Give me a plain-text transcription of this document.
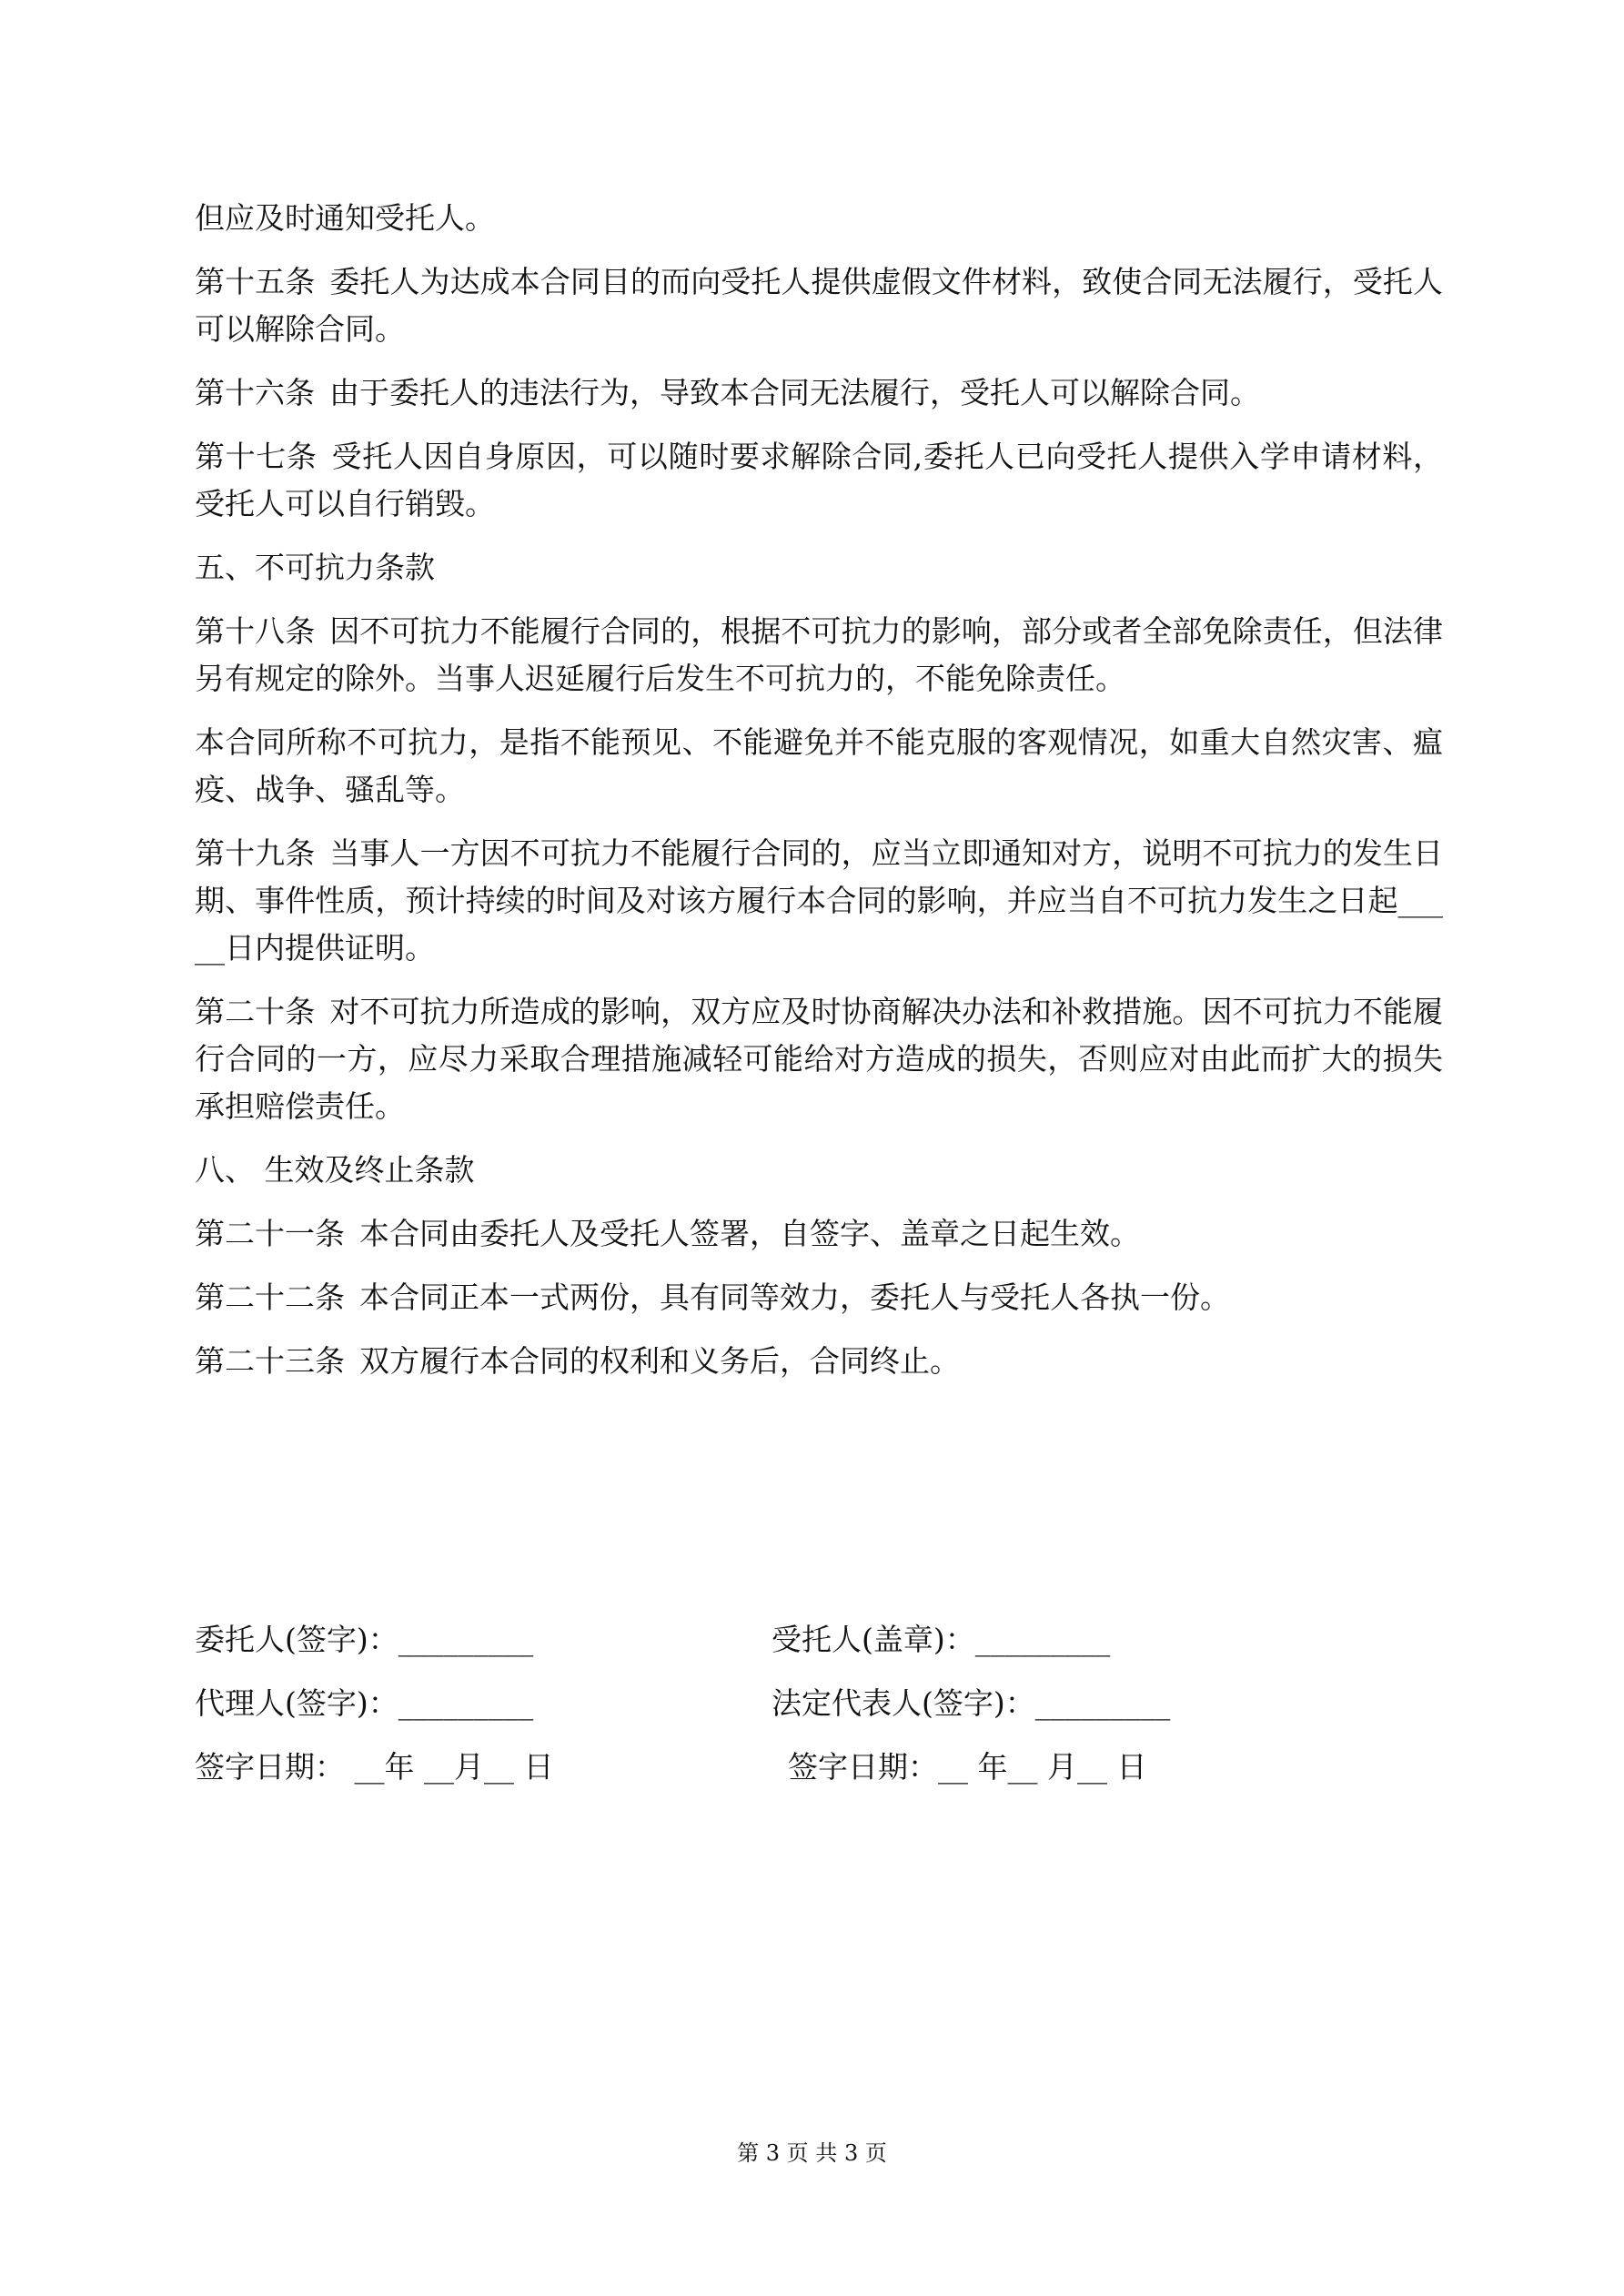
但应及时通知受托人。

第十五条 委托人为达成本合同目的而向受托人提供虚假文件材料，致使合同无法履行，受托人可以解除合同。

第十六条 由于委托人的违法行为，导致本合同无法履行，受托人可以解除合同。

第十七条 受托人因自身原因，可以随时要求解除合同,委托人已向受托人提供入学申请材料，受托人可以自行销毁。

五、不可抗力条款

第十八条 因不可抗力不能履行合同的，根据不可抗力的影响，部分或者全部免除责任，但法律另有规定的除外。当事人迟延履行后发生不可抗力的，不能免除责任。

本合同所称不可抗力，是指不能预见、不能避免并不能克服的客观情况，如重大自然灾害、瘟疫、战争、骚乱等。

第十九条 当事人一方因不可抗力不能履行合同的，应当立即通知对方，说明不可抗力的发生日期、事件性质，预计持续的时间及对该方履行本合同的影响，并应当自不可抗力发生之日起_____日内提供证明。

第二十条 对不可抗力所造成的影响，双方应及时协商解决办法和补救措施。因不可抗力不能履行合同的一方，应尽力采取合理措施减轻可能给对方造成的损失，否则应对由此而扩大的损失承担赔偿责任。

八、 生效及终止条款

第二十一条 本合同由委托人及受托人签署，自签字、盖章之日起生效。

第二十二条 本合同正本一式两份，具有同等效力，委托人与受托人各执一份。

第二十三条 双方履行本合同的权利和义务后，合同终止。

委托人(签字)：_________	受托人(盖章)：_________
代理人(签字)：_________	法定代表人(签字)：_________
签字日期： __年 __月__ 日	签字日期：__ 年__ 月__ 日
第 3 页 共 3 页
